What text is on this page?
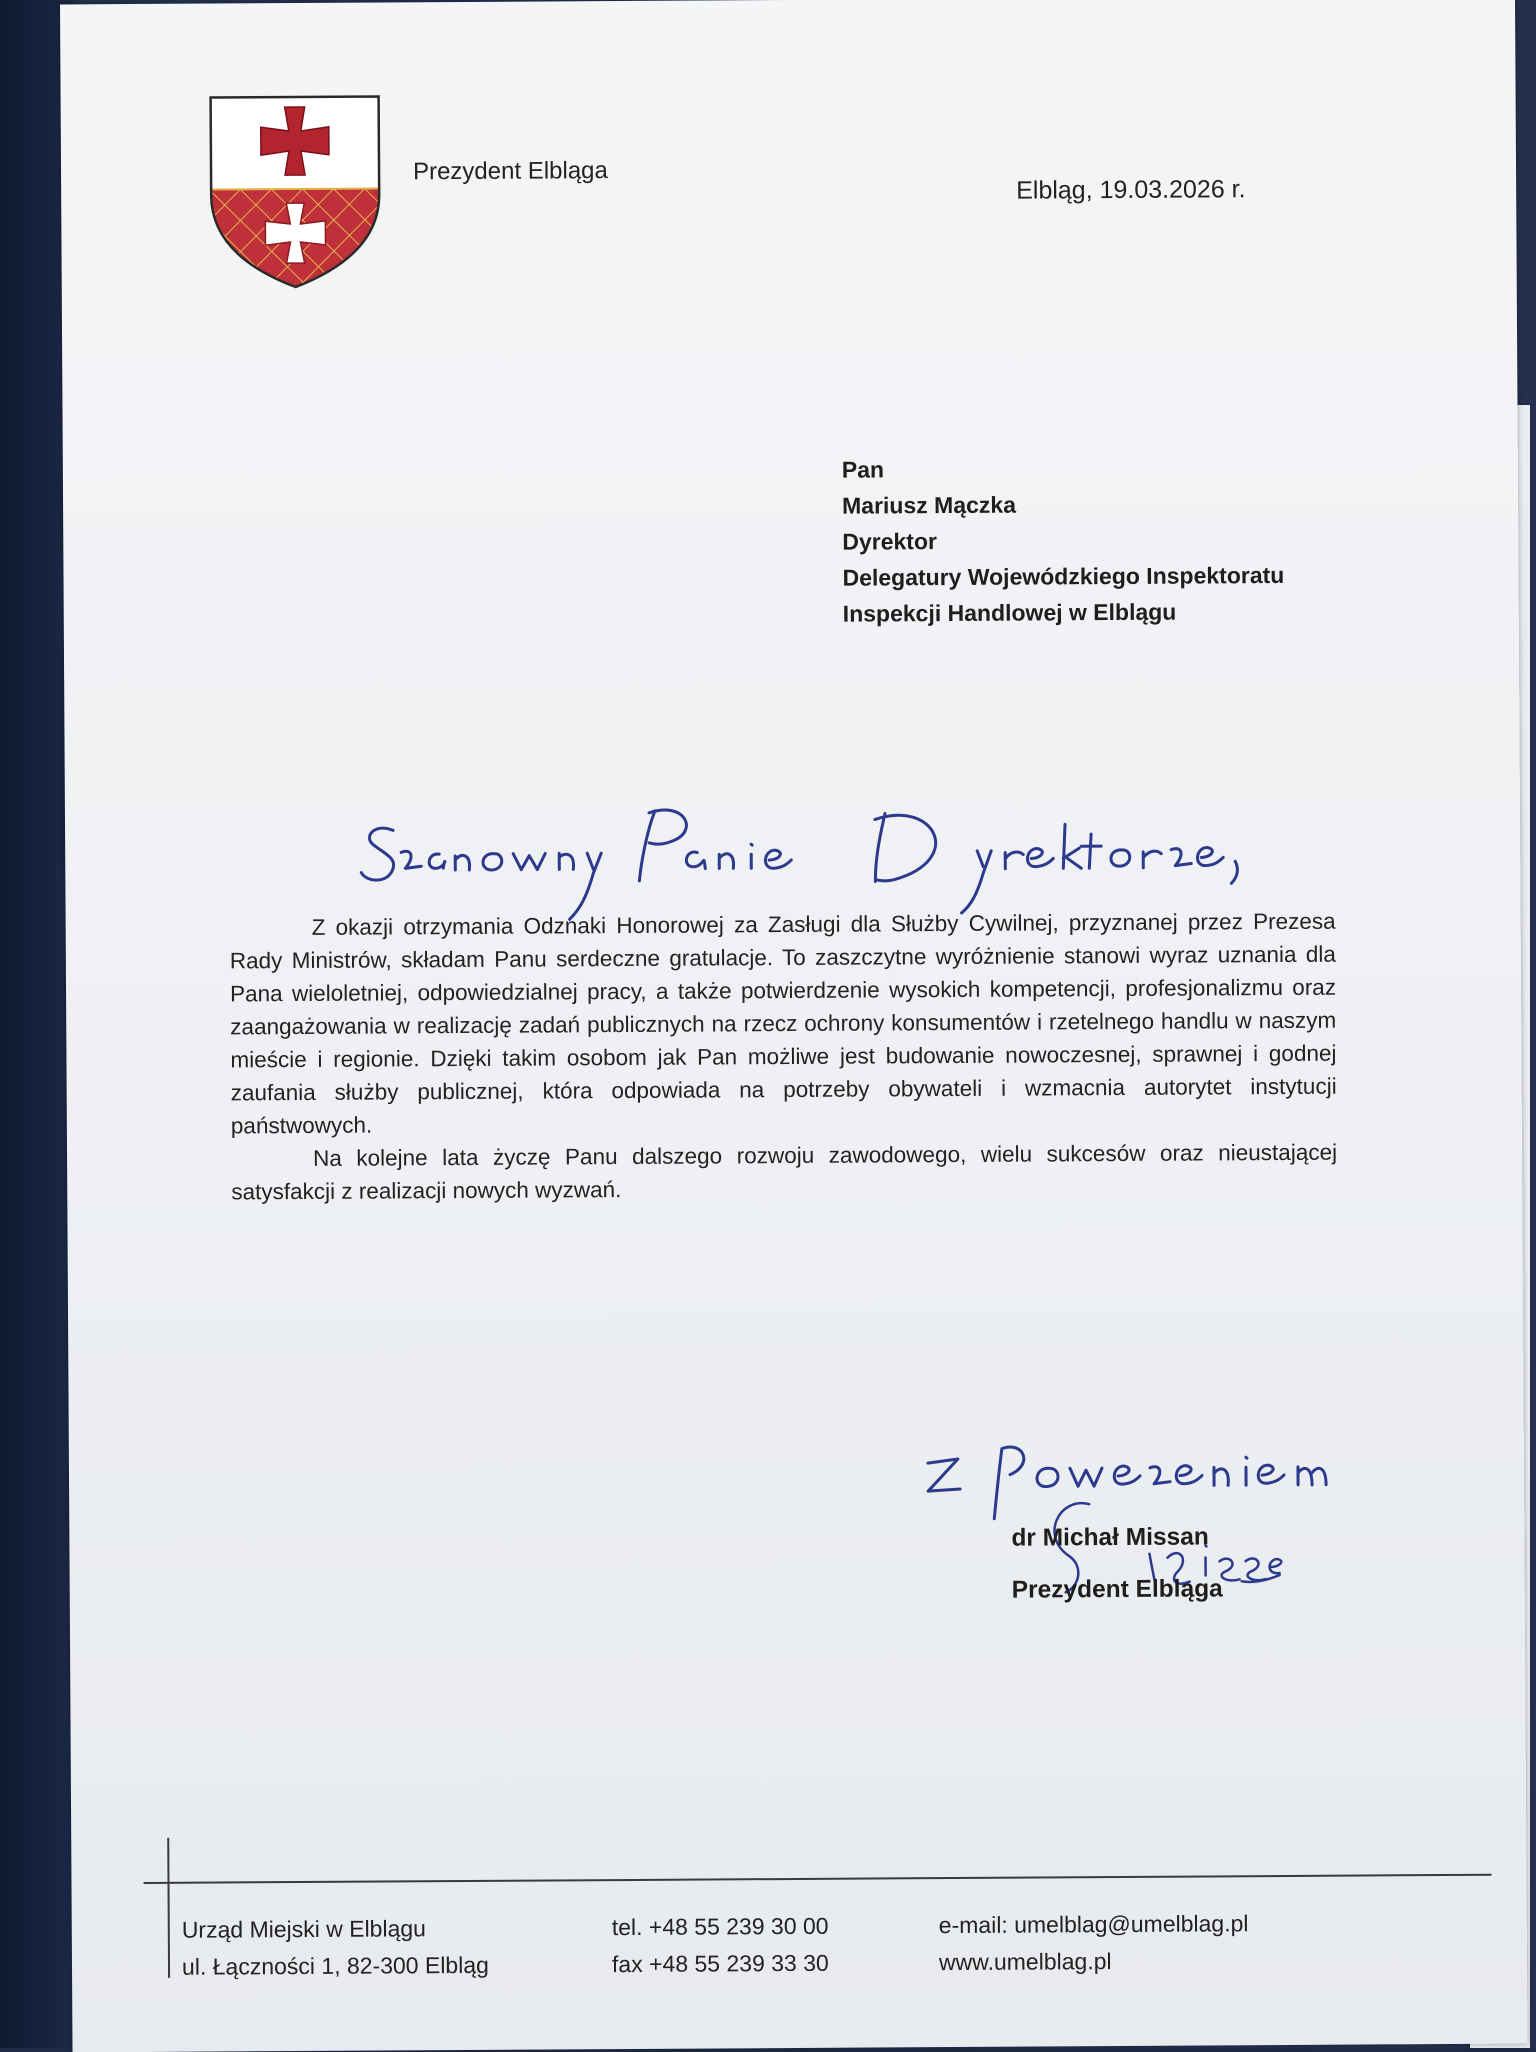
Prezydent Elbląga
Elbląg, 19.03.2026 r.
Pan
Mariusz Mączka
Dyrektor
Delegatury Wojewódzkiego Inspektoratu
Inspekcji Handlowej w Elblągu

Z okazji otrzymania Odznaki Honorowej za Zasługi dla Służby Cywilnej, przyznanej przez Prezesa Rady Ministrów, składam Panu serdeczne gratulacje. To zaszczytne wyróżnienie stanowi wyraz uznania dla Pana wieloletniej, odpowiedzialnej pracy, a także potwierdzenie wysokich kompetencji, profesjonalizmu oraz zaangażowania w realizację zadań publicznych na rzecz ochrony konsumentów i rzetelnego handlu w naszym mieście i regionie. Dzięki takim osobom jak Pan możliwe jest budowanie nowoczesnej, sprawnej i godnej zaufania służby publicznej, która odpowiada na potrzeby obywateli i wzmacnia autorytet instytucji państwowych.

Na kolejne lata życzę Panu dalszego rozwoju zawodowego, wielu sukcesów oraz nieustającej satysfakcji z realizacji nowych wyzwań.

dr Michał Missan
Prezydent Elbląga
Urząd Miejski w Elblągu
ul. Łączności 1, 82-300 Elbląg
tel. +48 55 239 30 00
fax +48 55 239 33 30
e-mail: umelblag@umelblag.pl
www.umelblag.pl
